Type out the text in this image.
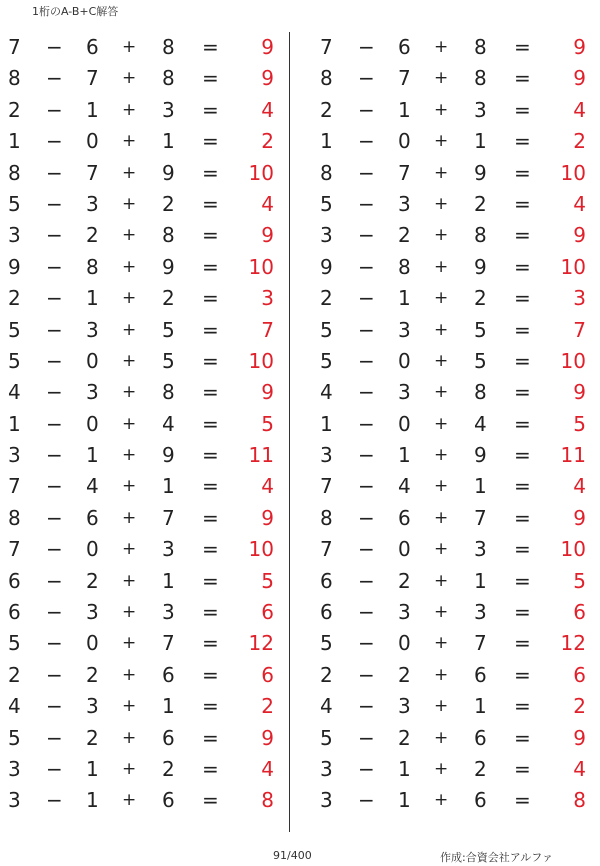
1桁のA-B+C解答
7 − 6 + 8 =	9
8 − 7 + 8 =	9
2 − 1 + 3 =	4
1 − 0 + 1 =	2
8 − 7 + 9 = 10
5 − 3 + 2 =	4
3 − 2 + 8 =	9
9 − 8 + 9 = 10
2 − 1 + 2 =	3
5 − 3 + 5 =	7
5 − 0 + 5 = 10
4 − 3 + 8 =	9
1 − 0 + 4 =	5
3 − 1 + 9 = 11
7 − 4 + 1 =	4
8 − 6 + 7 =	9
7 − 0 + 3 = 10
6 − 2 + 1 =	5
6 − 3 + 3 =	6
5 − 0 + 7 = 12
2 − 2 + 6 =	6
4 − 3 + 1 =	2
5 − 2 + 6 =	9
3 − 1 + 2 =	4
3 − 1 + 6 =	8
7 − 6 + 8 =	9
8 − 7 + 8 =	9
2 − 1 + 3 =	4
1 − 0 + 1 =	2
8 − 7 + 9 = 10
5 − 3 + 2 =	4
3 − 2 + 8 =	9
9 − 8 + 9 = 10
2 − 1 + 2 =	3
5 − 3 + 5 =	7
5 − 0 + 5 = 10
4 − 3 + 8 =	9
1 − 0 + 4 =	5
3 − 1 + 9 = 11
7 − 4 + 1 =	4
8 − 6 + 7 =	9
7 − 0 + 3 = 10
6 − 2 + 1 =	5
6 − 3 + 3 =	6
5 − 0 + 7 = 12
2 − 2 + 6 =	6
4 − 3 + 1 =	2
5 − 2 + 6 =	9
3 − 1 + 2 =	4
3 − 1 + 6 =	8
91/400	作成:合資会社アルファ
